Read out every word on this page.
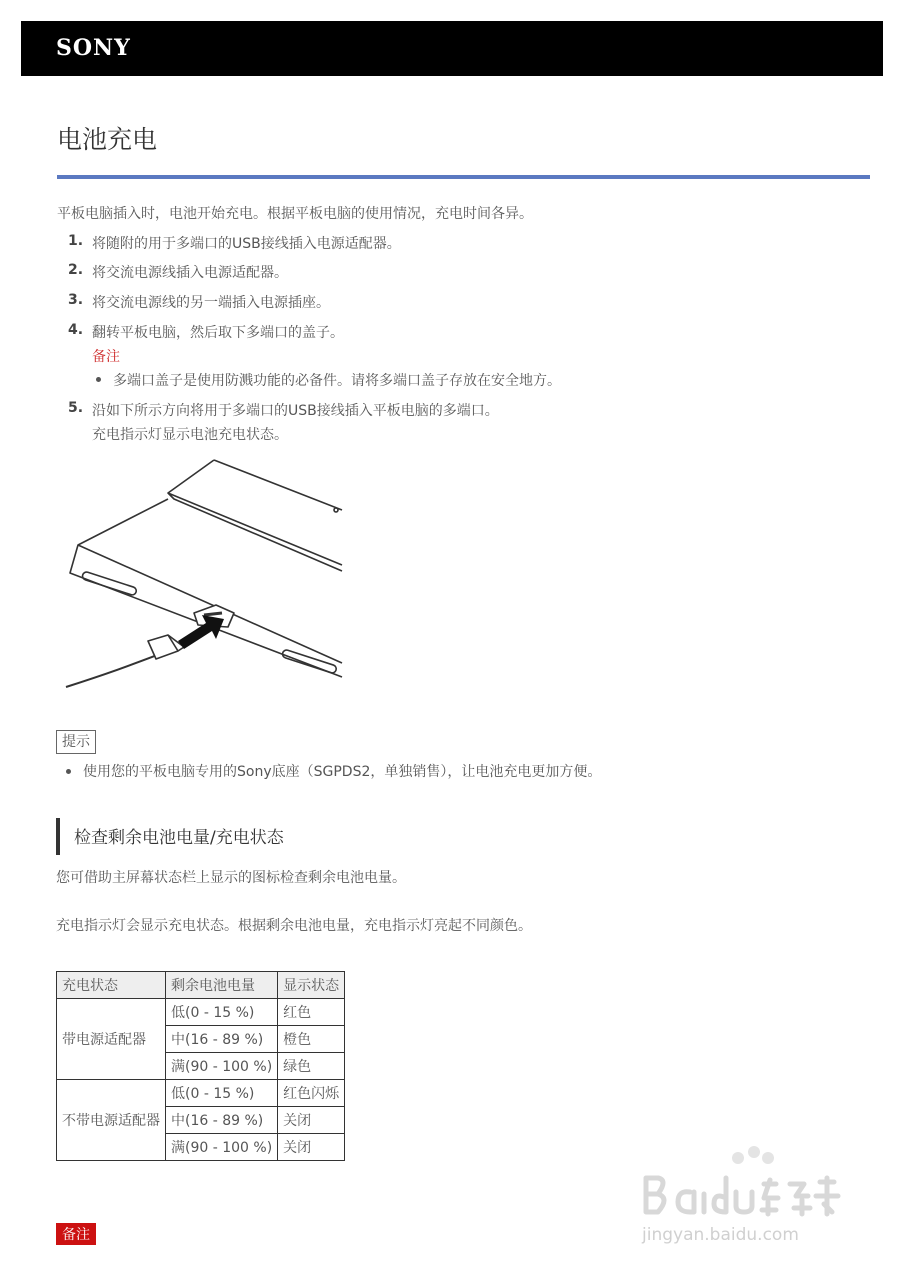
SONY
电池充电
平板电脑插入时，电池开始充电。根据平板电脑的使用情况，充电时间各异。
1. 将随附的用于多端口的USB接线插入电源适配器。
2. 将交流电源线插入电源适配器。
3. 将交流电源线的另一端插入电源插座。
4. 翻转平板电脑，然后取下多端口的盖子。
备注
多端口盖子是使用防溅功能的必备件。请将多端口盖子存放在安全地方。
5. 沿如下所示方向将用于多端口的USB接线插入平板电脑的多端口。
充电指示灯显示电池充电状态。
提示
使用您的平板电脑专用的Sony底座（SGPDS2，单独销售），让电池充电更加方便。
检查剩余电池电量/充电状态
您可借助主屏幕状态栏上显示的图标检查剩余电池电量。
充电指示灯会显示充电状态。根据剩余电池电量，充电指示灯亮起不同颜色。
充电状态	剩余电池电量	显示状态
带电源适配器	低(0 - 15 %)	红色
	中(16 - 89 %)	橙色
	满(90 - 100 %)	绿色
不带电源适配器	低(0 - 15 %)	红色闪烁
	中(16 - 89 %)	关闭
	满(90 - 100 %)	关闭
备注	jingyan.baidu.com
